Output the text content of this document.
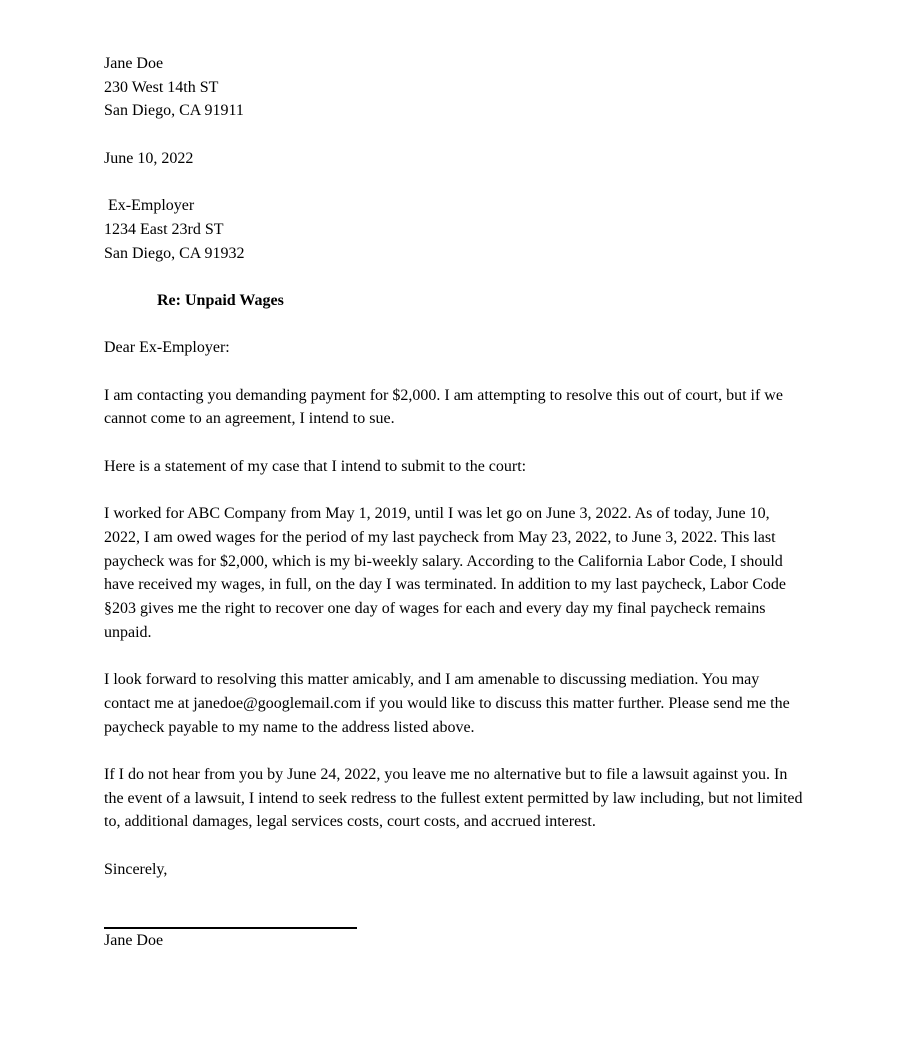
Jane Doe
230 West 14th ST
San Diego, CA 91911
June 10, 2022
Ex-Employer
1234 East 23rd ST
San Diego, CA 91932
Re: Unpaid Wages
Dear Ex-Employer:

I am contacting you demanding payment for $2,000. I am attempting to resolve this out of court, but if we cannot come to an agreement, I intend to sue.

Here is a statement of my case that I intend to submit to the court:

I worked for ABC Company from May 1, 2019, until I was let go on June 3, 2022. As of today, June 10, 2022, I am owed wages for the period of my last paycheck from May 23, 2022, to June 3, 2022. This last paycheck was for $2,000, which is my bi-weekly salary. According to the California Labor Code, I should have received my wages, in full, on the day I was terminated. In addition to my last paycheck, Labor Code §203 gives me the right to recover one day of wages for each and every day my final paycheck remains unpaid.

I look forward to resolving this matter amicably, and I am amenable to discussing mediation. You may contact me at janedoe@googlemail.com if you would like to discuss this matter further. Please send me the paycheck payable to my name to the address listed above.

If I do not hear from you by June 24, 2022, you leave me no alternative but to file a lawsuit against you. In the event of a lawsuit, I intend to seek redress to the fullest extent permitted by law including, but not limited to, additional damages, legal services costs, court costs, and accrued interest.

Sincerely,
Jane Doe
